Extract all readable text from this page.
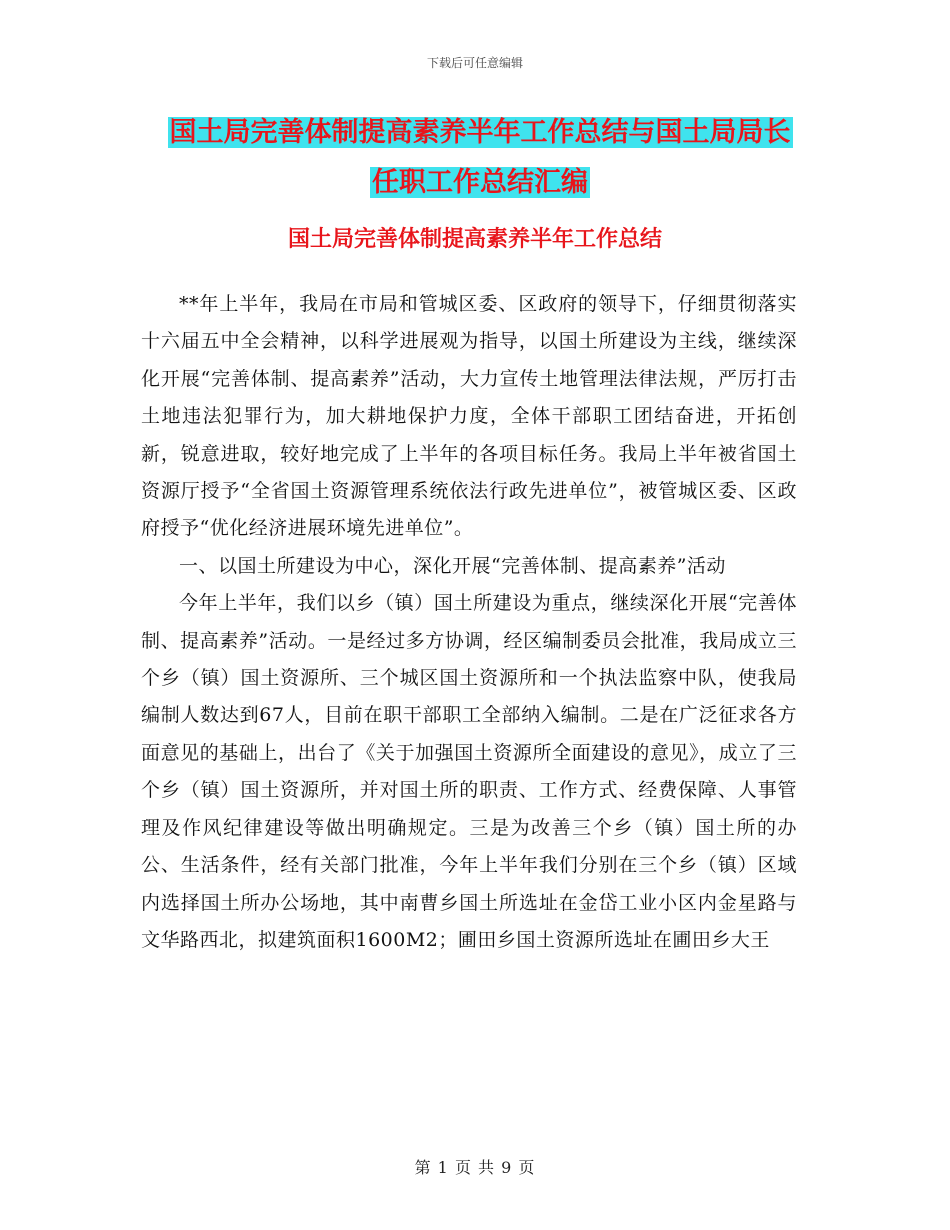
下载后可任意编辑
国土局完善体制提高素养半年工作总结与国土局局长
任职工作总结汇编
国土局完善体制提高素养半年工作总结

**年上半年，我局在市局和管城区委、区政府的领导下，仔细贯彻落实十六届五中全会精神，以科学进展观为指导，以国土所建设为主线，继续深化开展“完善体制、提高素养”活动，大力宣传土地管理法律法规，严厉打击土地违法犯罪行为，加大耕地保护力度，全体干部职工团结奋进，开拓创新，锐意进取，较好地完成了上半年的各项目标任务。我局上半年被省国土资源厅授予“全省国土资源管理系统依法行政先进单位”，被管城区委、区政府授予“优化经济进展环境先进单位”。

一、以国土所建设为中心，深化开展“完善体制、提高素养”活动

今年上半年，我们以乡（镇）国土所建设为重点，继续深化开展“完善体制、提高素养”活动。一是经过多方协调，经区编制委员会批准，我局成立三个乡（镇）国土资源所、三个城区国土资源所和一个执法监察中队，使我局编制人数达到67人，目前在职干部职工全部纳入编制。二是在广泛征求各方面意见的基础上，出台了《关于加强国土资源所全面建设的意见》，成立了三个乡（镇）国土资源所，并对国土所的职责、工作方式、经费保障、人事管理及作风纪律建设等做出明确规定。三是为改善三个乡（镇）国土所的办公、生活条件，经有关部门批准，今年上半年我们分别在三个乡（镇）区域内选择国土所办公场地，其中南曹乡国土所选址在金岱工业小区内金星路与文华路西北，拟建筑面积1600M2；圃田乡国土资源所选址在圃田乡大王

第 1 页 共 9 页
